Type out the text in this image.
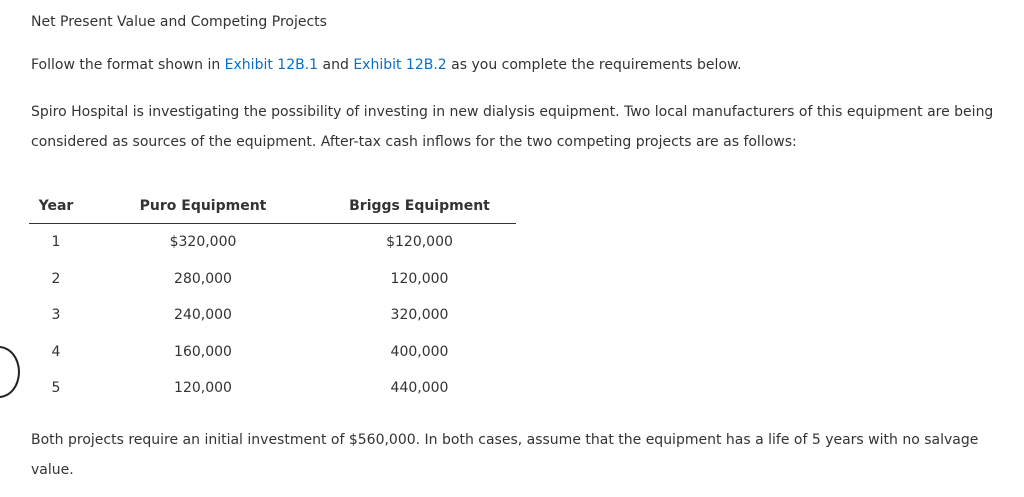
Net Present Value and Competing Projects
Follow the format shown in Exhibit 12B.1 and Exhibit 12B.2 as you complete the requirements below.
Spiro Hospital is investigating the possibility of investing in new dialysis equipment. Two local manufacturers of this equipment are being considered as sources of the equipment. After-tax cash inflows for the two competing projects are as follows:
Year	Puro Equipment	Briggs Equipment
1	$320,000	$120,000
2	280,000	120,000
3	240,000	320,000
4	160,000	400,000
5	120,000	440,000
Both projects require an initial investment of $560,000. In both cases, assume that the equipment has a life of 5 years with no salvage value.
